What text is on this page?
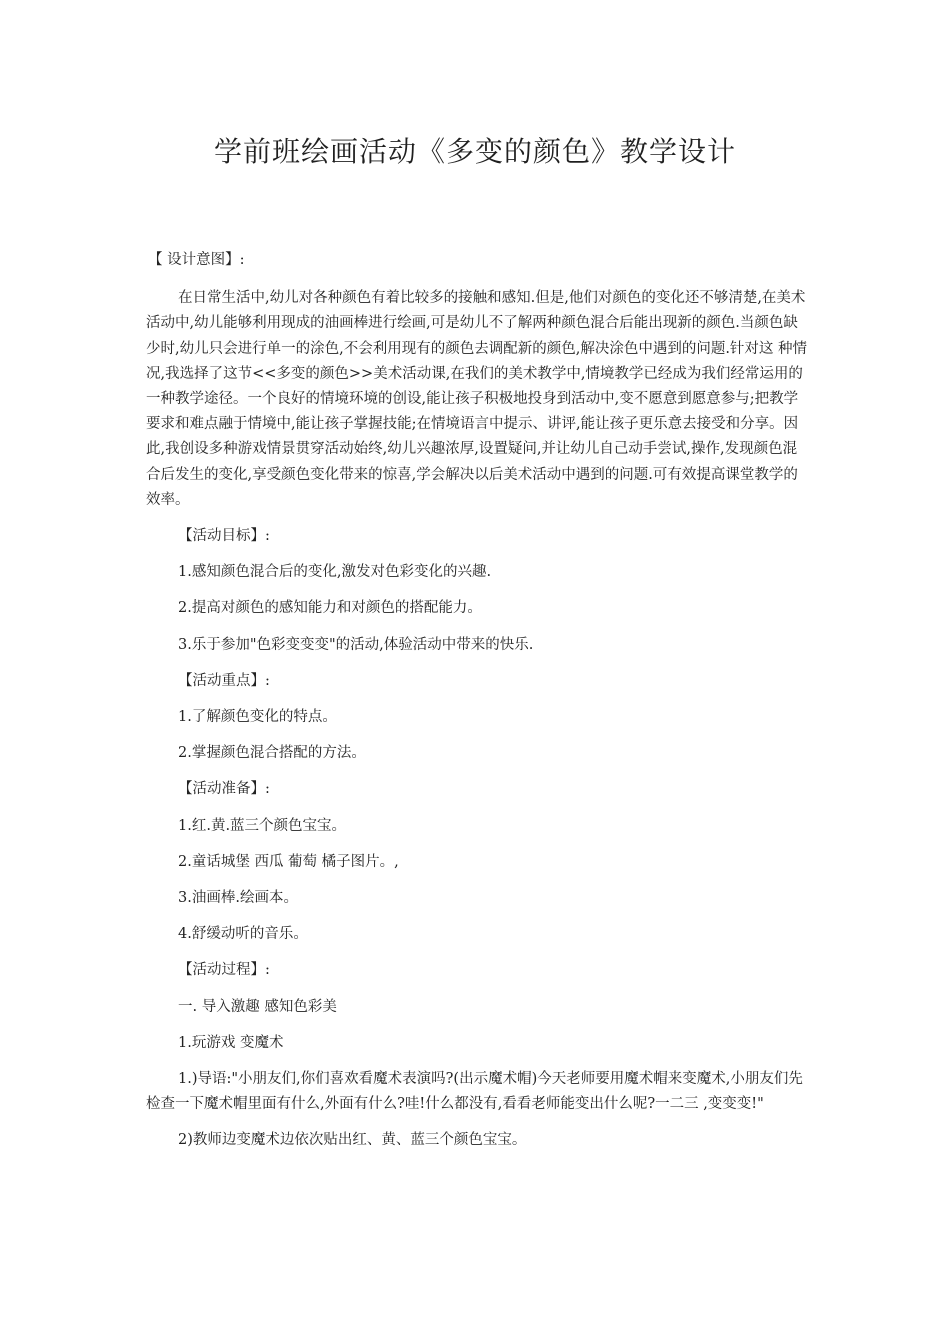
学前班绘画活动《多变的颜色》教学设计

【 设计意图】:

在日常生活中,幼儿对各种颜色有着比较多的接触和感知.但是,他们对颜色的变化还不够清楚,在美术活动中,幼儿能够利用现成的油画棒进行绘画,可是幼儿不了解两种颜色混合后能出现新的颜色.当颜色缺少时,幼儿只会进行单一的涂色,不会利用现有的颜色去调配新的颜色,解决涂色中遇到的问题.针对这 种情况,我选择了这节<<多变的颜色>>美术活动课,在我们的美术教学中,情境教学已经成为我们经常运用的一种教学途径。一个良好的情境环境的创设,能让孩子积极地投身到活动中,变不愿意到愿意参与;把教学要求和难点融于情境中,能让孩子掌握技能;在情境语言中提示、讲评,能让孩子更乐意去接受和分享。因此,我创设多种游戏情景贯穿活动始终,幼儿兴趣浓厚,设置疑问,并让幼儿自己动手尝试,操作,发现颜色混合后发生的变化,享受颜色变化带来的惊喜,学会解决以后美术活动中遇到的问题.可有效提高课堂教学的效率。

【活动目标】:

1.感知颜色混合后的变化,激发对色彩变化的兴趣.

2.提高对颜色的感知能力和对颜色的搭配能力。

3.乐于参加"色彩变变变"的活动,体验活动中带来的快乐.

【活动重点】:

1.了解颜色变化的特点。

2.掌握颜色混合搭配的方法。

【活动准备】:

1.红.黄.蓝三个颜色宝宝。

2.童话城堡 西瓜 葡萄 橘子图片。,

3.油画棒.绘画本。

4.舒缓动听的音乐。

【活动过程】:

一. 导入激趣 感知色彩美

1.玩游戏 变魔术

1.)导语:"小朋友们,你们喜欢看魔术表演吗?(出示魔术帽)今天老师要用魔术帽来变魔术,小朋友们先检查一下魔术帽里面有什么,外面有什么?哇!什么都没有,看看老师能变出什么呢?一二三 ,变变变!"

2)教师边变魔术边依次贴出红、黄、蓝三个颜色宝宝。
